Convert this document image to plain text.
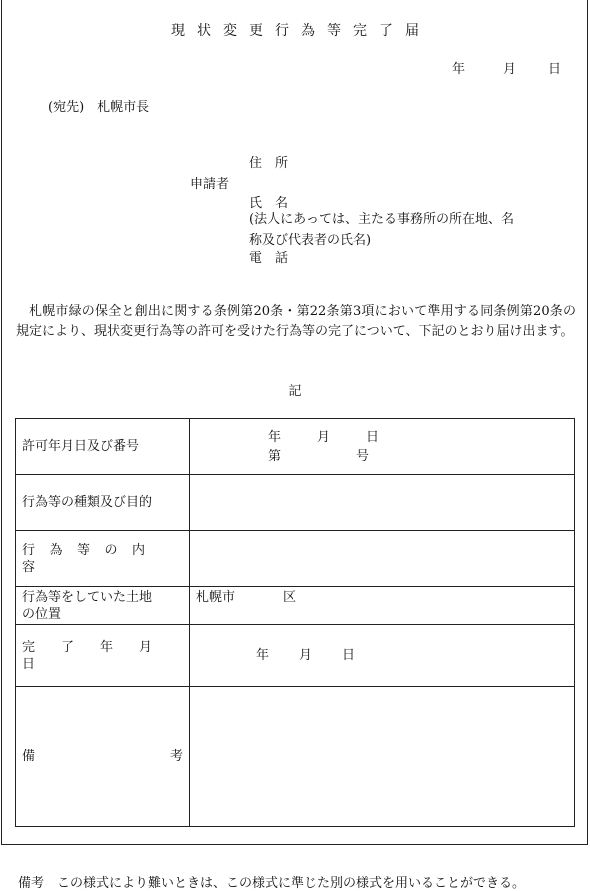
現状変更行為等完了届
年	月 日
(宛先)　札幌市長
申請者
住　所
氏　名
(法人にあっては、主たる事務所の所在地、名
称及び代表者の氏名)
電　話
札幌市緑の保全と創出に関する条例第20条・第22条第3項において準用する同条例第20条の規定により、現状変更行為等の許可を受けた行為等の完了について、下記のとおり届け出ます。
記
許可年月日及び番号	年 月 日
第 号

行為等の種類及び目的	
行為等の内容	

行為等をしていた土地
の位置	札幌市 区
完了年月日	年 月 日

備 考	

備考　この様式により難いときは、この様式に準じた別の様式を用いることができる。
